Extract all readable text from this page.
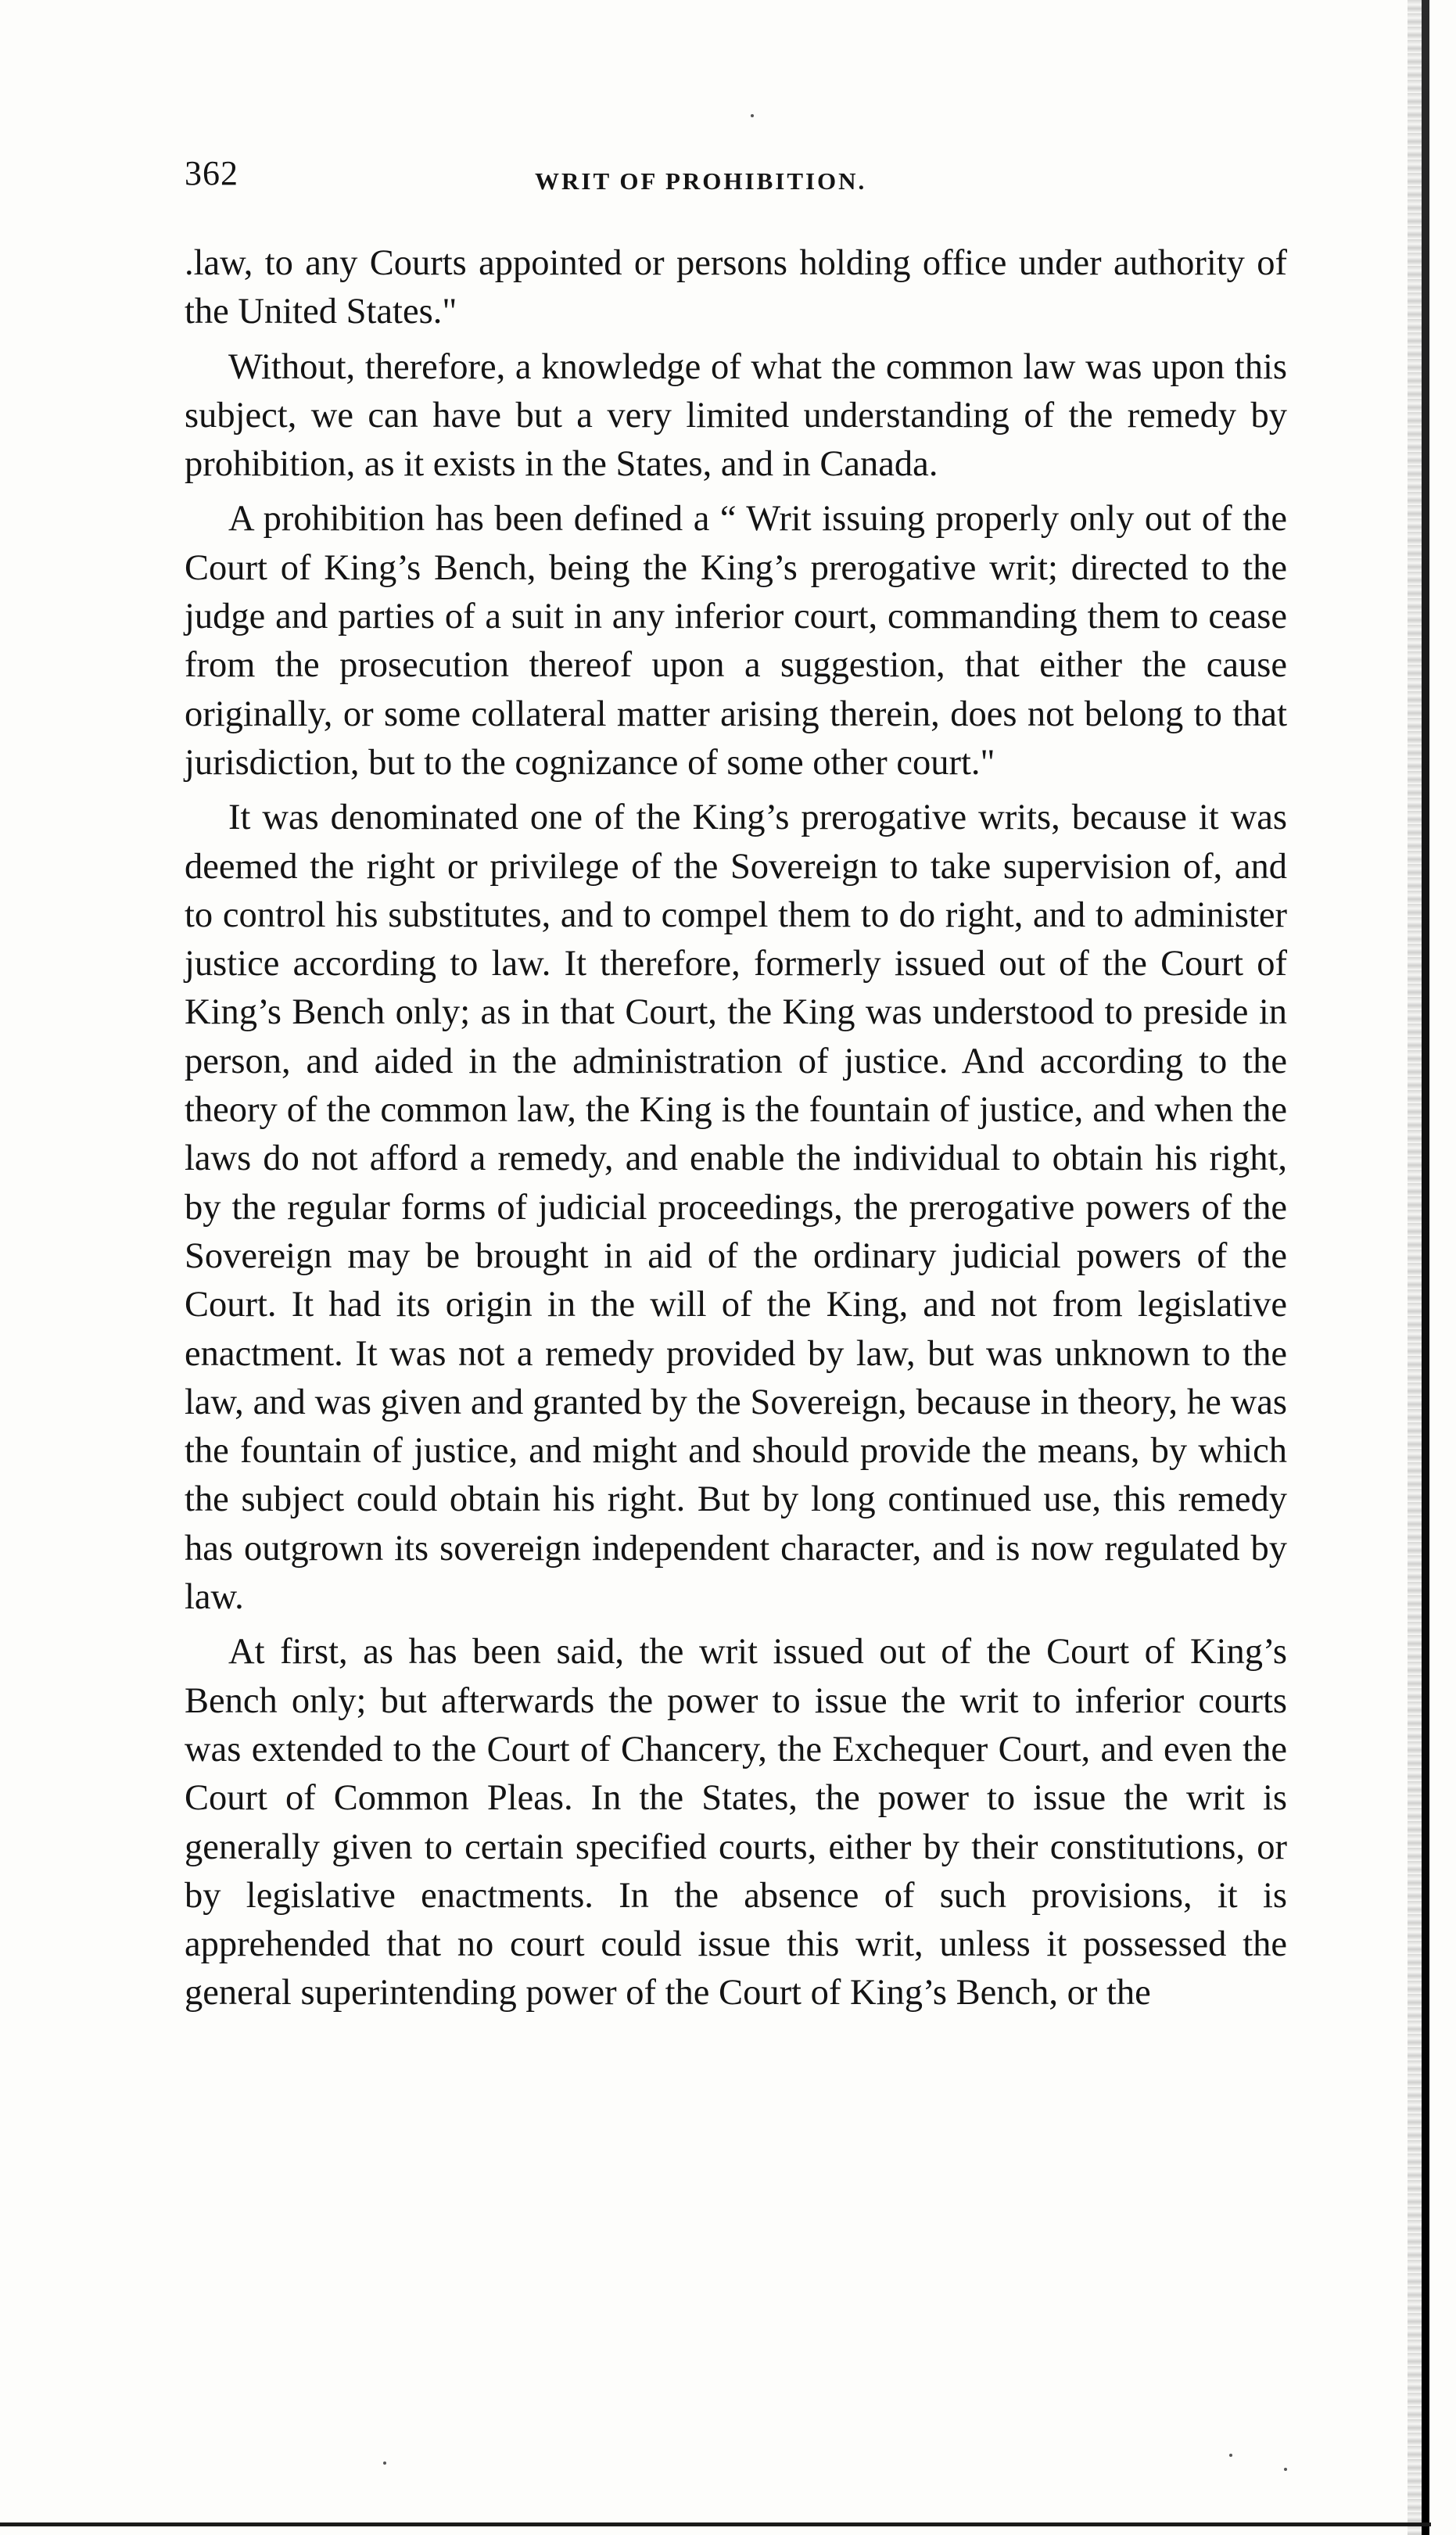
362	WRIT OF PROHIBITION.

.law, to any Courts appointed or persons holding office under authority of the United States."

Without, therefore, a knowledge of what the common law was upon this subject, we can have but a very limited understanding of the remedy by prohibition, as it exists in the States, and in Canada.

A prohibition has been defined a “ Writ issuing properly only out of the Court of King’s Bench, being the King’s prerogative writ; directed to the judge and parties of a suit in any inferior court, commanding them to cease from the prosecution thereof upon a suggestion, that either the cause originally, or some collateral matter arising therein, does not belong to that jurisdiction, but to the cognizance of some other court."

It was denominated one of the King’s prerogative writs, because it was deemed the right or privilege of the Sovereign to take supervision of, and to control his substitutes, and to compel them to do right, and to administer justice according to law. It therefore, formerly issued out of the Court of King’s Bench only; as in that Court, the King was understood to preside in person, and aided in the administration of justice. And according to the theory of the common law, the King is the fountain of justice, and when the laws do not afford a remedy, and enable the individual to obtain his right, by the regular forms of judicial proceedings, the prerogative powers of the Sovereign may be brought in aid of the ordinary judicial powers of the Court. It had its origin in the will of the King, and not from legislative enactment. It was not a remedy provided by law, but was unknown to the law, and was given and granted by the Sovereign, because in theory, he was the fountain of justice, and might and should provide the means, by which the subject could obtain his right. But by long continued use, this remedy has outgrown its sovereign independent character, and is now regulated by law.

At first, as has been said, the writ issued out of the Court of King’s Bench only; but afterwards the power to issue the writ to inferior courts was extended to the Court of Chancery, the Exchequer Court, and even the Court of Common Pleas. In the States, the power to issue the writ is generally given to certain specified courts, either by their constitutions, or by legislative enactments. In the absence of such provisions, it is apprehended that no court could issue this writ, unless it possessed the general superintending power of the Court of King’s Bench, or the
